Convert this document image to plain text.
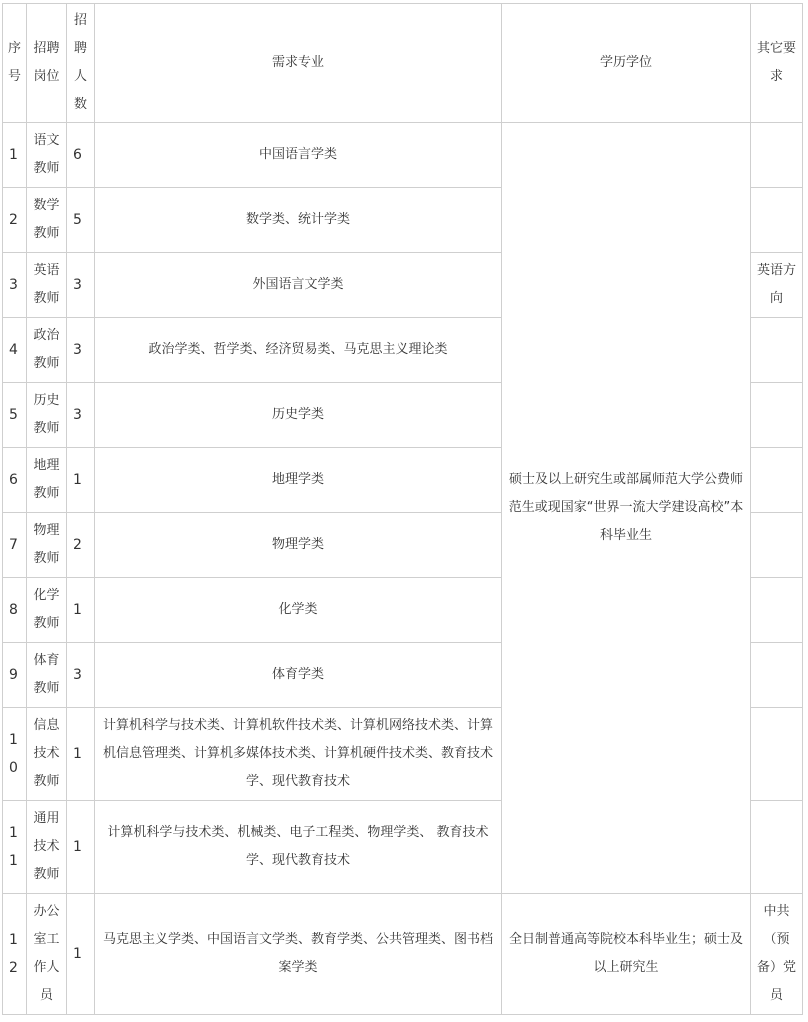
序号	招聘岗位	招聘人数	需求专业	学历学位	其它要求
1	语文教师	6	中国语言学类	硕士及以上研究生或部属师范大学公费师范生或现国家“世界一流大学建设高校”本科毕业生	
2	数学教师	5	数学类、统计学类		
3	英语教师	3	外国语言文学类		英语方向
4	政治教师	3	政治学类、哲学类、经济贸易类、马克思主义理论类		
5	历史教师	3	历史学类		
6	地理教师	1	地理学类		
7	物理教师	2	物理学类		
8	化学教师	1	化学类		
9	体育教师	3	体育学类		
10	信息技术教师	1	计算机科学与技术类、计算机软件技术类、计算机网络技术类、计算机信息管理类、计算机多媒体技术类、计算机硬件技术类、教育技术学、现代教育技术		
11	通用技术教师	1	计算机科学与技术类、机械类、电子工程类、物理学类、 教育技术学、现代教育技术		
12	办公室工作人员	1	马克思主义学类、中国语言文学类、教育学类、公共管理类、图书档案学类	全日制普通高等院校本科毕业生；硕士及以上研究生	中共（预备）党员
